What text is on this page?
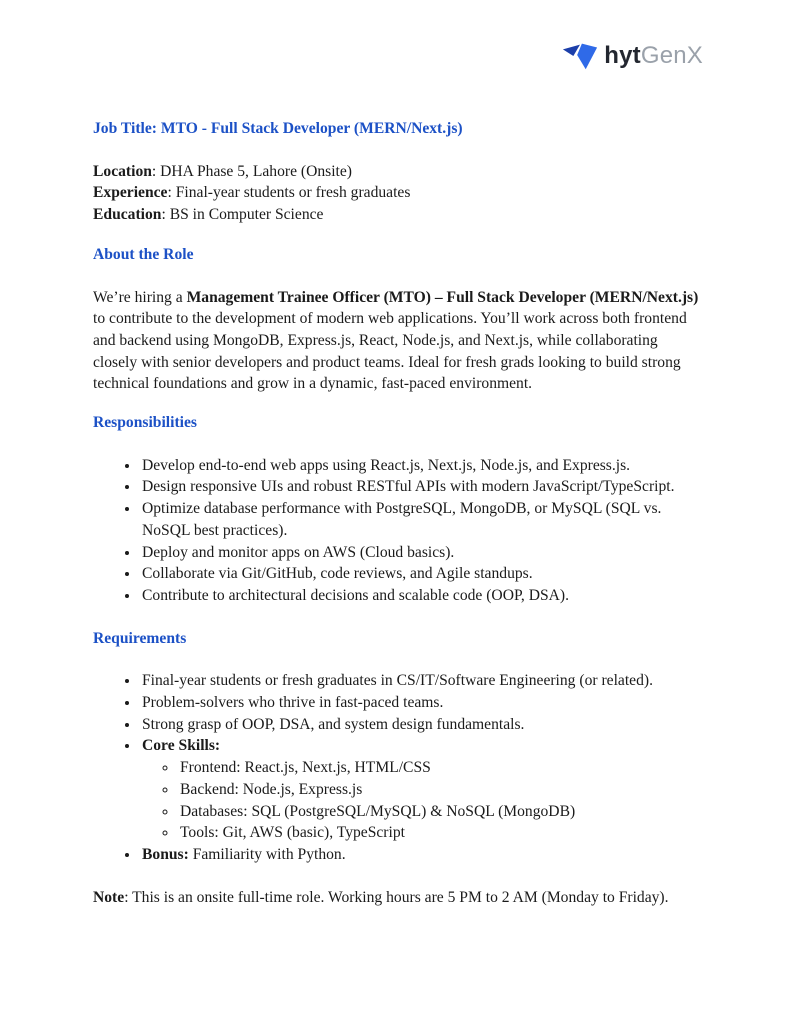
hytGenX
Job Title: MTO - Full Stack Developer (MERN/Next.js)
Location: DHA Phase 5, Lahore (Onsite)
Experience: Final-year students or fresh graduates
Education: BS in Computer Science
About the Role

We’re hiring a Management Trainee Officer (MTO) – Full Stack Developer (MERN/Next.js) to contribute to the development of modern web applications. You’ll work across both frontend and backend using MongoDB, Express.js, React, Node.js, and Next.js, while collaborating closely with senior developers and product teams. Ideal for fresh grads looking to build strong technical foundations and grow in a dynamic, fast-paced environment.

Responsibilities
• Develop end-to-end web apps using React.js, Next.js, Node.js, and Express.js.
• Design responsive UIs and robust RESTful APIs with modern JavaScript/TypeScript.
• Optimize database performance with PostgreSQL, MongoDB, or MySQL (SQL vs. NoSQL best practices).
• Deploy and monitor apps on AWS (Cloud basics).
• Collaborate via Git/GitHub, code reviews, and Agile standups.
• Contribute to architectural decisions and scalable code (OOP, DSA).
Requirements
• Final-year students or fresh graduates in CS/IT/Software Engineering (or related).
• Problem-solvers who thrive in fast-paced teams.
• Strong grasp of OOP, DSA, and system design fundamentals.
• Core Skills:
◦ Frontend: React.js, Next.js, HTML/CSS
◦ Backend: Node.js, Express.js
◦ Databases: SQL (PostgreSQL/MySQL) & NoSQL (MongoDB)
◦ Tools: Git, AWS (basic), TypeScript
• Bonus: Familiarity with Python.

Note: This is an onsite full-time role. Working hours are 5 PM to 2 AM (Monday to Friday).
